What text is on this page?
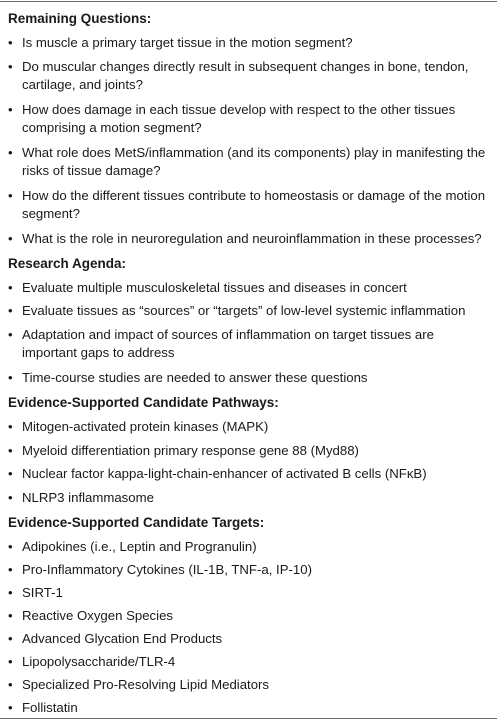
Remaining Questions:
• Is muscle a primary target tissue in the motion segment?
• Do muscular changes directly result in subsequent changes in bone, tendon, cartilage, and joints?
• How does damage in each tissue develop with respect to the other tissues comprising a motion segment?
• What role does MetS/inflammation (and its components) play in manifesting the risks of tissue damage?
• How do the different tissues contribute to homeostasis or damage of the motion segment?
• What is the role in neuroregulation and neuroinflammation in these processes?
Research Agenda:
• Evaluate multiple musculoskeletal tissues and diseases in concert
• Evaluate tissues as “sources” or “targets” of low-level systemic inflammation
• Adaptation and impact of sources of inflammation on target tissues are important gaps to address
• Time-course studies are needed to answer these questions
Evidence-Supported Candidate Pathways:
• Mitogen-activated protein kinases (MAPK)
• Myeloid differentiation primary response gene 88 (Myd88)
• Nuclear factor kappa-light-chain-enhancer of activated B cells (NFκB)
• NLRP3 inflammasome
Evidence-Supported Candidate Targets:
• Adipokines (i.e., Leptin and Progranulin)
• Pro-Inflammatory Cytokines (IL-1B, TNF-a, IP-10)
• SIRT-1
• Reactive Oxygen Species
• Advanced Glycation End Products
• Lipopolysaccharide/TLR-4
• Specialized Pro-Resolving Lipid Mediators
• Follistatin
